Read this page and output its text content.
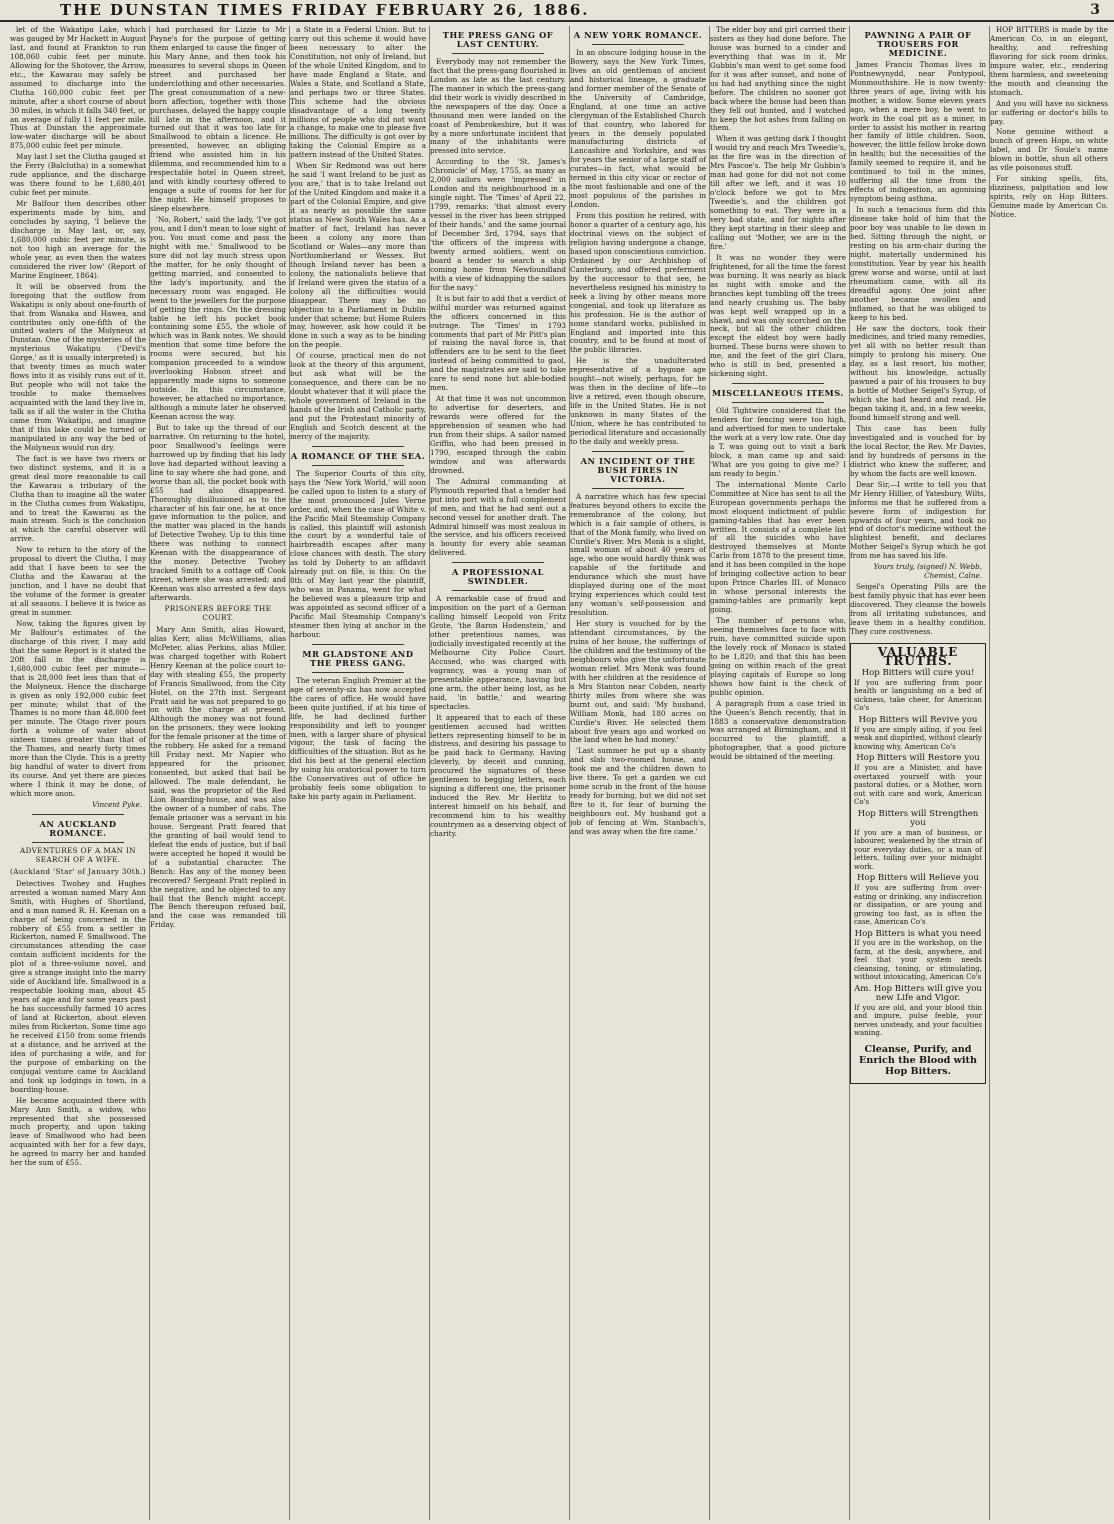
THE DUNSTAN TIMES FRIDAY FEBRUARY 26, 1886.	3

let of the Wakatipu Lake, which was gauged by Mr Hackett in August last, and found at Frankton to run 108,060 cubic feet per minute. Allowing for the Shotover, the Arrow, etc., the Kawarau may safely be assumed to discharge into the Clutha 160,000 cubic feet per minute, after a short course of about 30 miles, in which it falls 340 feet, or an average of fully 11 feet per mile. Thus at Dunstan the approximate low-water discharge will be about 875,000 cubic feet per minute.

May last I set the Clutha gauged at the Ferry (Balclutha) in a somewhat rude appliance, and the discharge was there found to be 1,680,401 cubic feet per minute.

Mr Balfour then describes other experiments made by him, and concludes by saying, 'I believe the discharge in May last, or, say, 1,680,000 cubic feet per minute, is not too high an average for the whole year, as even then the waters considered the river low' (Report of Marine Engineer, 1864).

It will be observed from the foregoing that the outflow from Wakatipu is only about one-fourth of that from Wanaka and Hawea, and contributes only one-fifth of the united waters of the Molyneux at Dunstan. One of the mysteries of the mysterious Wakatipu ('Devil's Gorge,' as it is usually interpreted) is that twenty times as much water flows into it as visibly runs out of it. But people who will not take the trouble to make themselves acquainted with the land they live in, talk as if all the water in the Clutha came from Wakatipu, and imagine that if this lake could be turned or manipulated in any way the bed of the Molyneux would run dry.

The fact is we have two rivers or two distinct systems, and it is a great deal more reasonable to call the Kawarau a tributary of the Clutha than to imagine all the water in the Clutha comes from Wakatipu, and to treat the Kawarau as the main stream. Such is the conclusion at which the careful observer will arrive.

Now to return to the story of the proposal to divert the Clutha, I may add that I have been to see the Clutha and the Kawarau at the junction, and I have no doubt that the volume of the former is greater at all seasons. I believe it is twice as great in summer.

Now, taking the figures given by Mr Balfour's estimates of the discharge of this river, I may add that the same Report is it stated the 20ft fall in the discharge is 1,680,000 cubic feet per minute—that is 28,000 feet less than that of the Molyneux. Hence the discharge is given as only 192,000 cubic feet per minute; whilst that of the Thames is no more than 48,000 feet per minute. The Otago river pours forth a volume of water about sixteen times greater than that of the Thames, and nearly forty times more than the Clyde. This is a pretty big handful of water to divert from its course. And yet there are pieces where I think it may be done, of which more anon.

Vincent Pyke.
AN AUCKLAND ROMANCE.
ADVENTURES OF A MAN IN SEARCH OF A WIFE.
(Auckland 'Star' of January 30th.)

Detectives Twohey and Hughes arrested a woman named Mary Ann Smith, with Hughes of Shortland, and a man named R. H. Keenan on a charge of being concerned in the robbery of £55 from a settler in Rickerton, named F. Smallwood. The circumstances attending the case contain sufficient incidents for the plot of a three-volume novel, and give a strange insight into the marry side of Auckland life. Smallwood is a respectable looking man, about 45 years of age and for some years past he has successfully farmed 10 acres of land at Rickerton, about eleven miles from Rickerton. Some time ago he received £150 from some friends at a distance, and he arrived at the idea of purchasing a wife, and for the purpose of embarking on the conjugal venture came to Auckland and took up lodgings in town, in a boarding-house.

He became acquainted there with Mary Ann Smith, a widow, who represented that she possessed much property, and upon taking leave of Smallwood who had been acquainted with her for a few days, he agreed to marry her and handed her the sum of £55.

had purchased for Lizzie to Mr Payne's for the purpose of getting them enlarged to cause the finger of his Mary Anne, and then took his measures to several shops in Queen street and purchased her underclothing and other necessaries. The great consummation of a new-born affection, together with those purchases, delayed the happy couple till late in the afternoon, and it turned out that it was too late for Smallwood to obtain a licence. He presented, however, an obliging friend who assisted him in his dilemma, and recommended him to a respectable hotel in Queen street, and with kindly courtesy offered to engage a suite of rooms for her for the night. He himself proposes to sleep elsewhere.

'No, Robert,' said the lady, 'I've got you, and I don't mean to lose sight of you. You must come and pass the night with me.' Smallwood to be sure did not lay much stress upon the matter, for he only thought of getting married, and consented to the lady's importunity, and the necessary room was engaged. He went to the jewellers for the purpose of getting the rings. On the dressing table he left his pocket book containing some £55, the whole of which was in Bank notes. We should mention that some time before the rooms were secured, but his companion proceeded to a window overlooking Hobson street and apparently made signs to someone outside. In this circumstance, however, he attached no importance, although a minute later he observed Keenan across the way.

But to take up the thread of our narrative. On returning to the hotel, poor Smallwood's feelings were harrowed up by finding that his lady love had departed without leaving a line to say where she had gone, and worse than all, the pocket book with £55 had also disappeared. Thoroughly disillusioned as to the character of his fair one, he at once gave information to the police, and the matter was placed in the hands of Detective Twohey. Up to this time there was nothing to connect Keenan with the disappearance of the money. Detective Twohey tracked Smith to a cottage off Cook street, where she was arrested; and Keenan was also arrested a few days afterwards.

PRISONERS BEFORE THE COURT.

Mary Ann Smith, alias Howard, alias Kerr, alias McWilliams, alias McPeter, alias Perkins, alias Miller, was charged together with Robert Henry Keenan at the police court to-day with stealing £55, the property of Francis Smallwood, from the City Hotel, on the 27th inst. Sergeant Pratt said he was not prepared to go on with the charge at present. Although the money was not found on the prisoners, they were looking for the female prisoner at the time of the robbery. He asked for a remand till Friday next. Mr Napier who appeared for the prisoner, consented, but asked that bail be allowed. The male defendant, he said, was the proprietor of the Red Lion Boarding-house, and was also the owner of a number of cabs. The female prisoner was a servant in his house. Sergeant Pratt feared that the granting of bail would tend to defeat the ends of justice, but if bail were accepted he hoped it would be of a substantial character. The Bench: Has any of the money been recovered? Sergeant Pratt replied in the negative, and he objected to any bail that the Bench might accept. The Bench thereupon refused bail, and the case was remanded till Friday.

a State in a Federal Union. But to carry out this scheme it would have been necessary to alter the Constitution, not only of Ireland, but of the whole United Kingdom, and to have made England a State, and Wales a State, and Scotland a State, and perhaps two or three States. This scheme had the obvious disadvantage of a long twenty millions of people who did not want a change, to make one to please five millions. The difficulty is got over by taking the Colonial Empire as a pattern instead of the United States.

When Sir Redmond was out here he said 'I want Ireland to be just as you are,' that is to take Ireland out of the United Kingdom and make it a part of the Colonial Empire, and give it as nearly as possible the same status as New South Wales has. As a matter of fact, Ireland has never been a colony any more than Scotland or Wales—any more than Northumberland or Wessex. But though Ireland never has been a colony, the nationalists believe that if Ireland were given the status of a colony all the difficulties would disappear. There may be no objection to a Parliament in Dublin under that scheme; but Home Rulers may, however, ask how could it be done in such a way as to be binding on the people.

Of course, practical men do not look at the theory of this argument, but ask what will be the consequence, and there can be no doubt whatever that it will place the whole government of Ireland in the hands of the Irish and Catholic party, and put the Protestant minority of English and Scotch descent at the mercy of the majority.

A ROMANCE OF THE SEA.

The Superior Courts of this city, says the 'New York World,' will soon be called upon to listen to a story of the most pronounced Jules Verne order, and, when the case of White v. the Pacific Mail Steamship Company is called, this plaintiff will astonish the court by a wonderful tale of hairbreadth escapes after many close chances with death. The story as told by Doherty to an affidavit already put on file, is this: On the 8th of May last year the plaintiff, who was in Panama, went for what he believed was a pleasure trip and was appointed as second officer of a Pacific Mail Steamship Company's steamer then lying at anchor in the harbour.

MR GLADSTONE AND THE PRESS GANG.

The veteran English Premier at the age of seventy-six has now accepted the cares of office. He would have been quite justified, if at his time of life, he had declined further responsibility and left to younger men, with a larger share of physical vigour, the task of facing the difficulties of the situation. But as he did his best at the general election by using his oratorical power to turn the Conservatives out of office he probably feels some obligation to take his party again in Parliament.

THE PRESS GANG OF LAST CENTURY.

Everybody may not remember the fact that the press-gang flourished in London as late as the last century. The manner in which the press-gang did their work is vividly described in the newspapers of the day. Once a thousand men were landed on the coast of Pembrokeshire, but it was by a more unfortunate incident that many of the inhabitants were pressed into service.

According to the 'St. James's Chronicle' of May, 1755, as many as 2,000 sailors were 'impressed' in London and its neighbourhood in a single night. The 'Times' of April 22, 1799, remarks: 'that almost every vessel in the river has been stripped of their hands,' and the same journal of December 3rd, 1794, says that 'the officers of the impress with twenty armed soldiers, went on board a tender to search a ship coming home from Newfoundland with a view of kidnapping the sailors for the navy.'

It is but fair to add that a verdict of wilful murder was returned against the officers concerned in this outrage. The 'Times' in 1793 comments that part of Mr Pitt's plan of raising the naval force is, that offenders are to be sent to the fleet instead of being committed to gaol, and the magistrates are said to take care to send none but able-bodied men.

At that time it was not uncommon to advertise for deserters, and rewards were offered for the apprehension of seamen who had run from their ships. A sailor named Griffin, who had been pressed in 1790, escaped through the cabin window and was afterwards drowned.

The Admiral commanding at Plymouth reported that a tender had put into port with a full complement of men, and that he had sent out a second vessel for another draft. The Admiral himself was most zealous in the service, and his officers received a bounty for every able seaman delivered.

A PROFESSIONAL SWINDLER.

A remarkable case of fraud and imposition on the part of a German calling himself Leopold von Fritz Grote, 'the Baron Hodenstein,' and other pretentious names, was judicially investigated recently at the Melbourne City Police Court. Accused, who was charged with vagrancy, was a young man of presentable appearance, having but one arm, the other being lost, as he said, 'in battle,' and wearing spectacles.

It appeared that to each of these gentlemen accused had written letters representing himself to be in distress, and desiring his passage to be paid back to Germany. Having cleverly, by deceit and cunning, procured the signatures of these gentlemen to begging letters, each signing a different one, the prisoner induced the Rev. Mr Herlitz to interest himself on his behalf, and recommend him to his wealthy countrymen as a deserving object of charity.

A NEW YORK ROMANCE.

In an obscure lodging house in the Bowery, says the New York Times, lives an old gentleman of ancient and historical lineage, a graduate and former member of the Senate of the University of Cambridge, England, at one time an active clergyman of the Established Church of that country, who labored for years in the densely populated manufacturing districts of Lancashire and Yorkshire, and was for years the senior of a large staff of curates—in fact, what would be termed in this city vicar or rector of the most fashionable and one of the most populous of the parishes in London.

From this position he retired, with honor a quarter of a century ago, his doctrinal views on the subject of religion having undergone a change, based upon conscientious conviction. Ordained by our Archbishop of Canterbury, and offered preferment by the successor to that see, he nevertheless resigned his ministry to seek a living by other means more congenial, and took up literature as his profession. He is the author of some standard works, published in England and imported into this country, and to be found at most of the public libraries.

He is the unadulterated representative of a bygone age sought—not wisely, perhaps, for he was then in the decline of life—to live a retired, even though obscure, life in the United States. He is not unknown in many States of the Union, where he has contributed to periodical literature and occasionally to the daily and weekly press.

AN INCIDENT OF THE BUSH FIRES IN VICTORIA.

A narrative which has few special features beyond others to excite the remembrance of the colony, but which is a fair sample of others, is that of the Monk family, who lived on Curdie's River. Mrs Monk is a slight, small woman of about 40 years of age, who one would hardly think was capable of the fortitude and endurance which she must have displayed during one of the most trying experiences which could test any woman's self-possession and resolution.

Her story is vouched for by the attendant circumstances, by the ruins of her house, the sufferings of the children and the testimony of the neighbours who give the unfortunate woman relief. Mrs Monk was found with her children at the residence of a Mrs Stanton near Cobden, nearly thirty miles from where she was burnt out, and said: 'My husband, William Monk, had 180 acres on Curdie's River. He selected them about five years ago and worked on the land when he had money.'

'Last summer he put up a shanty and slab two-roomed house, and took me and the children down to live there. To get a garden we cut some scrub in the front of the house ready for burning, but we did not set fire to it, for fear of burning the neighbours out. My husband got a job of fencing at Wm. Stanbach's, and was away when the fire came.'

The elder boy and girl carried their sisters as they had done before. The house was burned to a cinder and everything that was in it. Mr Gubbin's man went to get some food for it was after sunset, and none of us had had anything since the night before. The children no sooner got back where the house had been than they fell out hunted, and I watched to keep the hot ashes from falling on them.

When it was getting dark I thought I would try and reach Mrs Tweedie's, as the fire was in the direction of Mrs Pascoe's. The help Mr Gubbin's man had gone for did not not come till after we left, and it was 10 o'clock before we got to Mrs Tweedie's, and the children got something to eat. They were in a very bad state, and for nights after they kept starting in their sleep and calling out 'Mother, we are in the fire.'

It was no wonder they were frightened, for all the time the forest was burning. It was nearly as black as night with smoke and the branches kept tumbling off the trees and nearly crushing us. The baby was kept well wrapped up in a shawl, and was only scorched on the neck, but all the other children except the eldest boy were badly burned. These burns were shown to me, and the feet of the girl Clara, who is still in bed, presented a sickening sight.

MISCELLANEOUS ITEMS.

Old Tightwire considered that the tenders for fencing were too high, and advertised for men to undertake the work at a very low rate. One day a T. was going out to visit a bark block, a man came up and said: 'What are you going to give me? I am ready to begin.'

The international Monte Carlo Committee at Nice has sent to all the European governments perhaps the most eloquent indictment of public gaming-tables that has ever been written. It consists of a complete list of all the suicides who have destroyed themselves at Monte Carlo from 1878 to the present time, and it has been compiled in the hope of bringing collective action to bear upon Prince Charles III. of Monaco in whose personal interests the gaming-tables are primarily kept going.

The number of persons who, seeing themselves face to face with ruin, have committed suicide upon the lovely rock of Monaco is stated to be 1,820; and that this has been going on within reach of the great playing capitals of Europe so long shows how faint is the check of public opinion.

A paragraph from a case tried in the Queen's Bench recently, that in 1883 a conservative demonstration was arranged at Birmingham, and it occurred to the plaintiff, a photographer, that a good picture would be obtained of the meeting.

PAWNING A PAIR OF TROUSERS FOR MEDICINE.

James Francis Thomas lives in Pontnewynydd, near Pontypool, Monmouthshire. He is now twenty-three years of age, living with his mother, a widow. Some eleven years ago, when a mere boy, he went to work in the coal pit as a miner, in order to assist his mother in rearing her family of little children. Soon, however, the little fellow broke down in health; but the necessities of the family seemed to require it, and he continued to toil in the mines, suffering all the time from the effects of indigestion, an agonising symptom being asthma.

In such a tenacious form did this disease take hold of him that the poor boy was unable to lie down in bed. Sitting through the night, or resting on his arm-chair during the night, materially undermined his constitution. Year by year his health grew worse and worse, until at last rheumatism came, with all its dreadful agony. One joint after another became swollen and inflamed, so that he was obliged to keep to his bed.

He saw the doctors, took their medicines, and tried many remedies, yet all with no better result than simply to prolong his misery. One day, as a last resort, his mother, without his knowledge, actually pawned a pair of his trousers to buy a bottle of Mother Seigel's Syrup, of which she had heard and read. He began taking it, and, in a few weeks, found himself strong and well.

This case has been fully investigated and is vouched for by the local Rector, the Rev. Mr Davies, and by hundreds of persons in the district who knew the sufferer, and by whom the facts are well known.

Dear Sir,—I write to tell you that Mr Henry Hillier, of Yatesbury, Wilts, informs me that he suffered from a severe form of indigestion for upwards of four years, and took no end of doctor's medicine without the slightest benefit, and declares Mother Seigel's Syrup which he got from me has saved his life.

Yours truly, (signed) N. Webb, Chemist, Calne.

Seigel's Operating Pills are the best family physic that has ever been discovered. They cleanse the bowels from all irritating substances, and leave them in a healthy condition. They cure costiveness.

VALUABLE TRUTHS.
Hop Bitters will cure you!
If you are suffering from poor health or languishing on a bed of sickness, take cheer, for American Co's
Hop Bitters will Revive you
If you are simply ailing, if you feel weak and dispirited, without clearly knowing why, American Co's
Hop Bitters will Restore you
If you are a Minister, and have overtaxed yourself with your pastoral duties, or a Mother, worn out with care and work, American Co's
Hop Bitters will Strengthen you
If you are a man of business, or labourer, weakened by the strain of your everyday duties, or a man of letters, toiling over your midnight work.
Hop Bitters will Relieve you
If you are suffering from over-eating or drinking, any indiscretion or dissipation, or are young and growing too fast, as is often the case, American Co's
Hop Bitters is what you need
If you are in the workshop, on the farm, at the desk, anywhere, and feel that your system needs cleansing, toning, or stimulating, without intoxicating, American Co's
Am. Hop Bitters will give you new Life and Vigor.
If you are old, and your blood thin and impure, pulse feeble, your nerves unsteady, and your faculties waning.
Cleanse, Purify, and Enrich the Blood with Hop Bitters.

HOP BITTERS is made by the American Co. in an elegant, healthy, and refreshing flavoring for sick room drinks, impure water, etc., rendering them harmless, and sweetening the mouth and cleansing the stomach.

And you will have no sickness or suffering or doctor's bills to pay.

None genuine without a bunch of green Hops, on white label, and Dr Soule's name blown in bottle, shun all others as vile poisonous stuff.

For sinking spells, fits, dizziness, palpitation and low spirits, rely on Hop Bitters. Genuine made by American Co. Notice.
